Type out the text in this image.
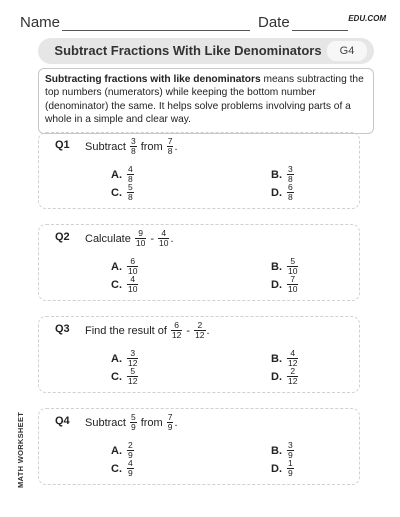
Name	Date	EDU.COM
Subtract Fractions With Like Denominators	G4
Subtracting fractions with like denominators means subtracting the top numbers (numerators) while keeping the bottom number (denominator) the same. It helps solve problems involving parts of a whole in a simple and clear way.
MATH WORKSHEET
Q1 Subtract $\frac{3}{8}$ from $\frac{7}{8}$ .
A. $\frac{4}{8}$	B. $\frac{3}{8}$
C. $\frac{5}{8}$	D. $\frac{6}{8}$
Q2 Calculate $\frac{9}{10} - \frac{4}{10}$ .
A. $\frac{6}{10}$	B. $\frac{5}{10}$
C. $\frac{4}{10}$	D. $\frac{7}{10}$
Q3 Find the result of $\frac{6}{12} - \frac{2}{12}$ .
A. $\frac{3}{12}$	B. $\frac{4}{12}$
C. $\frac{5}{12}$	D. $\frac{2}{12}$
Q4 Subtract $\frac{5}{9}$ from $\frac{7}{9}$ .
A. $\frac{2}{9}$	B. $\frac{3}{9}$
C. $\frac{4}{9}$	D. $\frac{1}{9}$
